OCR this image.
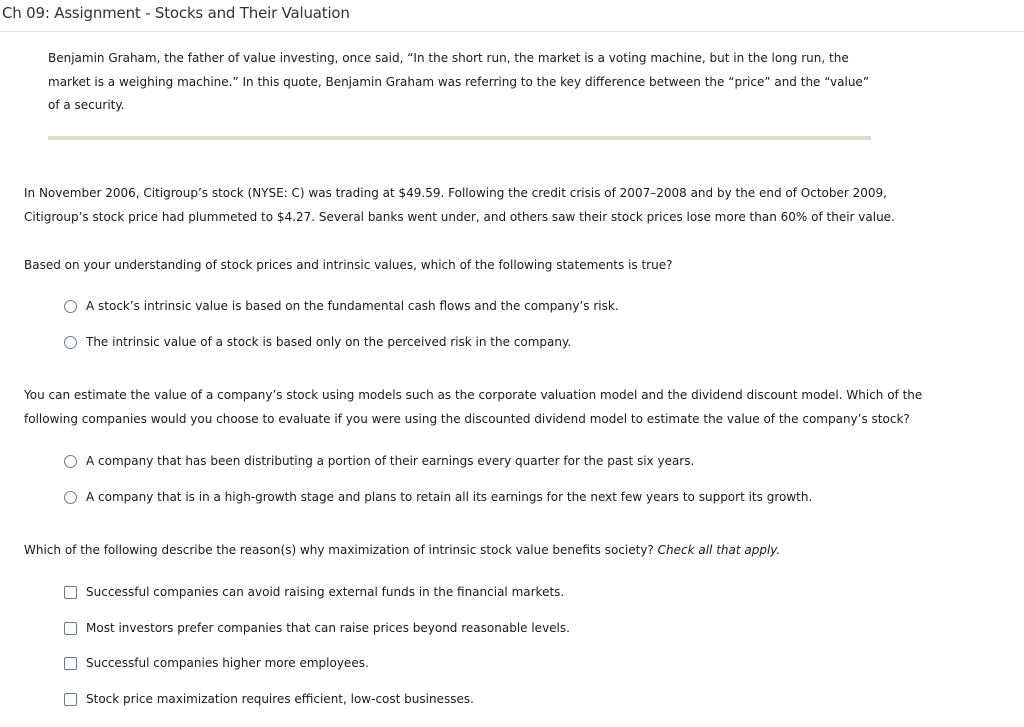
Ch 09: Assignment - Stocks and Their Valuation
Benjamin Graham, the father of value investing, once said, “In the short run, the market is a voting machine, but in the long run, the market is a weighing machine.” In this quote, Benjamin Graham was referring to the key difference between the “price” and the “value” of a security.
In November 2006, Citigroup’s stock (NYSE: C) was trading at $49.59. Following the credit crisis of 2007–2008 and by the end of October 2009, Citigroup’s stock price had plummeted to $4.27. Several banks went under, and others saw their stock prices lose more than 60% of their value.
Based on your understanding of stock prices and intrinsic values, which of the following statements is true?
A stock’s intrinsic value is based on the fundamental cash flows and the company’s risk.
The intrinsic value of a stock is based only on the perceived risk in the company.
You can estimate the value of a company’s stock using models such as the corporate valuation model and the dividend discount model. Which of the following companies would you choose to evaluate if you were using the discounted dividend model to estimate the value of the company’s stock?
A company that has been distributing a portion of their earnings every quarter for the past six years.
A company that is in a high-growth stage and plans to retain all its earnings for the next few years to support its growth.
Which of the following describe the reason(s) why maximization of intrinsic stock value benefits society? Check all that apply.
Successful companies can avoid raising external funds in the financial markets.
Most investors prefer companies that can raise prices beyond reasonable levels.
Successful companies higher more employees.
Stock price maximization requires efficient, low-cost businesses.
